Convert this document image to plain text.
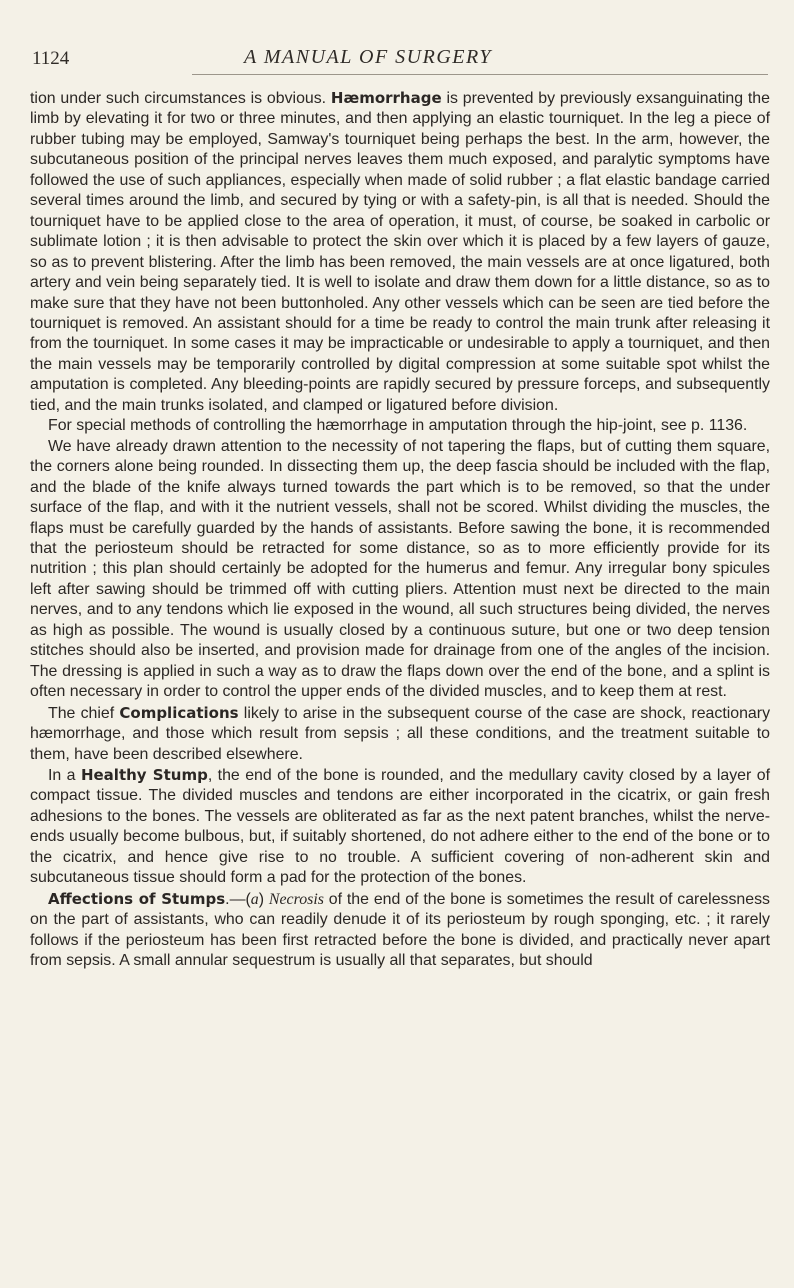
1124	A MANUAL OF SURGERY

tion under such circumstances is obvious. Hæmorrhage is prevented by previously exsanguinating the limb by elevating it for two or three minutes, and then applying an elastic tourniquet. In the leg a piece of rubber tubing may be employed, Samway's tourniquet being perhaps the best. In the arm, however, the subcutaneous position of the principal nerves leaves them much exposed, and paralytic symptoms have followed the use of such appliances, especially when made of solid rubber ; a flat elastic bandage carried several times around the limb, and secured by tying or with a safety-pin, is all that is needed. Should the tourniquet have to be applied close to the area of operation, it must, of course, be soaked in carbolic or sublimate lotion ; it is then advisable to protect the skin over which it is placed by a few layers of gauze, so as to prevent blistering. After the limb has been removed, the main vessels are at once ligatured, both artery and vein being separately tied. It is well to isolate and draw them down for a little distance, so as to make sure that they have not been buttonholed. Any other vessels which can be seen are tied before the tourniquet is removed. An assistant should for a time be ready to control the main trunk after releasing it from the tourniquet. In some cases it may be impracticable or undesirable to apply a tourniquet, and then the main vessels may be temporarily controlled by digital compression at some suitable spot whilst the amputation is completed. Any bleeding-points are rapidly secured by pressure forceps, and subsequently tied, and the main trunks isolated, and clamped or ligatured before division.

For special methods of controlling the hæmorrhage in amputation through the hip-joint, see p. 1136.

We have already drawn attention to the necessity of not tapering the flaps, but of cutting them square, the corners alone being rounded. In dissecting them up, the deep fascia should be included with the flap, and the blade of the knife always turned towards the part which is to be removed, so that the under surface of the flap, and with it the nutrient vessels, shall not be scored. Whilst dividing the muscles, the flaps must be carefully guarded by the hands of assistants. Before sawing the bone, it is recommended that the periosteum should be retracted for some distance, so as to more efficiently provide for its nutrition ; this plan should certainly be adopted for the humerus and femur. Any irregular bony spicules left after sawing should be trimmed off with cutting pliers. Attention must next be directed to the main nerves, and to any tendons which lie exposed in the wound, all such structures being divided, the nerves as high as possible. The wound is usually closed by a continuous suture, but one or two deep tension stitches should also be inserted, and provision made for drainage from one of the angles of the incision. The dressing is applied in such a way as to draw the flaps down over the end of the bone, and a splint is often necessary in order to control the upper ends of the divided muscles, and to keep them at rest.

The chief Complications likely to arise in the subsequent course of the case are shock, reactionary hæmorrhage, and those which result from sepsis ; all these conditions, and the treatment suitable to them, have been described elsewhere.

In a Healthy Stump, the end of the bone is rounded, and the medullary cavity closed by a layer of compact tissue. The divided muscles and tendons are either incorporated in the cicatrix, or gain fresh adhesions to the bones. The vessels are obliterated as far as the next patent branches, whilst the nerve-ends usually become bulbous, but, if suitably shortened, do not adhere either to the end of the bone or to the cicatrix, and hence give rise to no trouble. A sufficient covering of non-adherent skin and subcutaneous tissue should form a pad for the protection of the bones.

Affections of Stumps.—(a) Necrosis of the end of the bone is sometimes the result of carelessness on the part of assistants, who can readily denude it of its periosteum by rough sponging, etc. ; it rarely follows if the periosteum has been first retracted before the bone is divided, and practically never apart from sepsis. A small annular sequestrum is usually all that separates, but should
